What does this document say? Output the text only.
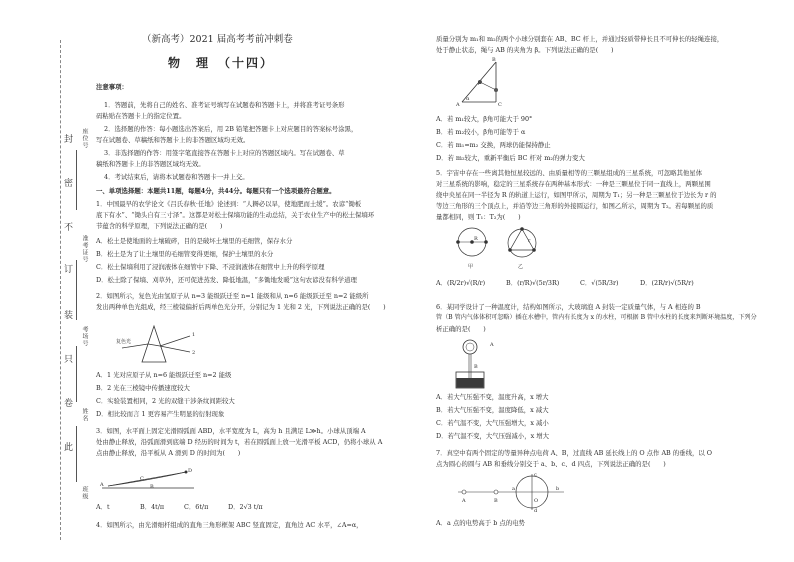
（新高考）2021 届高考考前冲刺卷
物　理　（十四）
封
密
不
订
装
只
卷
此
座位号
准考证号
考场号
姓名
班级
注意事项：
1．答题前，先将自己的姓名、准考证号填写在试题卷和答题卡上，并将准考证号条形
码粘贴在答题卡上的指定位置。
2．选择题的作答：每小题选出答案后，用 2B 铅笔把答题卡上对应题目的答案标号涂黑，
写在试题卷、草稿纸和答题卡上的非答题区域均无效。
3．非选择题的作答：用签字笔直接答在答题卡上对应的答题区域内。写在试题卷、草
稿纸和答题卡上的非答题区域均无效。
4．考试结束后，请将本试题卷和答题卡一并上交。
一、单项选择题：本题共11题，每题4分，共44分。每题只有一个选项最符合题意。
1．中国最早的农学论文《吕氏春秋·任地》论述到：“人耨必以旱，使地肥而土缓”。农谚“锄板
底下有水”、“锄头自有三寸泽”。这都是对松土保墒功能的生动总结，关于农业生产中的松土保墒环
节蕴含的科学原理，下列说法正确的是(　　)
A．松土是使地面的土壤破碎，目的是破坏土壤里的毛细管，保存水分
B．松土是为了让土壤里的毛细管变得更细，保护土壤里的水分
C．松土保墒利用了浸润液体在细管中下降、不浸润液体在细管中上升的科学原理
D．松土除了保墒、刈草外，还可促进蒸发、降低地温，“多锄地发暖”这句农谚没有科学道理
2．如图所示，复色光由氢原子从 n=3 能级跃迁至 n=1 能级和从 n=6 能级跃迁至 n=2 能级所
发出两种单色光组成，经三棱镜偏折后两单色光分开，分别记为 1 光和 2 光，下列说法正确的是(　　)
复色光
1
2
A．1 光对应原子从 n=6 能级跃迁至 n=2 能级
B．2 光在三棱镜中传播速度较大
C．实验装置相同，2 光的双缝干涉条纹间距较大
D．相比较而言 1 更容易产生明显的衍射现象
3．如图，水平面上固定光滑圆弧面 ABD，水平宽度为 L，高为 h 且满足 L≫h。小球从顶端 A
处由静止释放，沿弧面滑到底端 D 经历的时间为 t，若在圆弧面上放一光滑平板 ACD，仍将小球从 A
点由静止释放，沿平板从 A 滑到 D 的时间为(　　)
A
C
B
D
A．t	B．4t/π	C．6t/π	D．2√3 t/π
4．如图所示，由光滑细杆组成的直角三角形框架 ABC 竖直固定，直角边 AC 水平，∠A=α，
质量分别为 m₁和 m₂的两个小球分别套在 AB、BC 杆上，并通过轻质带伸长且不可伸长的轻绳连接，
处于静止状态，绳与 AB 的夹角为 β。下列说法正确的是(　　)
B
β
A	C
α
A．若 m₁较大，β角可能大于 90°
B．若 m₂较小，β角可能等于 α
C．若 m₁=m₂ 交换，两球仍能保持静止
D．若 m₂较大，重新平衡后 BC 杆对 m₂的弹力变大
5．宇宙中存在一些离其他恒星较远的、由质量相等的三颗星组成的三星系统，可忽略其他星体
对三星系统的影响，稳定的三星系统存在两种基本形式：一种是三颗星位于同一直线上，两颗星围
绕中央星在同一半径为 R 的轨道上运行，如图甲所示，周期为 T₁；另一种是三颗星位于边长为 r 的
等边三角形的三个顶点上，并沿等边三角形的外接圆运行，如图乙所示，周期为 T₂。若每颗星的质
量都相同，则 T₁：T₂为(　　)
R	r
甲	乙
A．(R/2r)√(R/r)	B．(r/R)√(5r/3R)	C．√(5R/3r)	D．(2R/r)√(5R/r)
6．某同学设计了一种温度计，结构如图所示，大玻璃泡 A 封装一定质量气体，与 A 相连的 B
管（B 管内气体体积可忽略）插在水槽中，管内有长度为 x 的水柱，可根据 B 管中水柱的长度来判断环境温度，下列分
析正确的是(　　)
A
B
A．若大气压强不变，温度升高，x 增大
B．若大气压强不变，温度降低，x 减大
C．若气温不变，大气压强增大，x 减小
D．若气温不变，大气压强减小，x 增大
7．真空中有两个固定的等量异种点电荷 A、B，过直线 AB 延长线上的 O 点作 AB 的垂线，以 O
点为圆心的圆与 AB 和垂线分别交于 a、b、c、d 四点，下列说法正确的是(　　)
A	B	O
a	b
c
d
A．a 点的电势高于 b 点的电势
